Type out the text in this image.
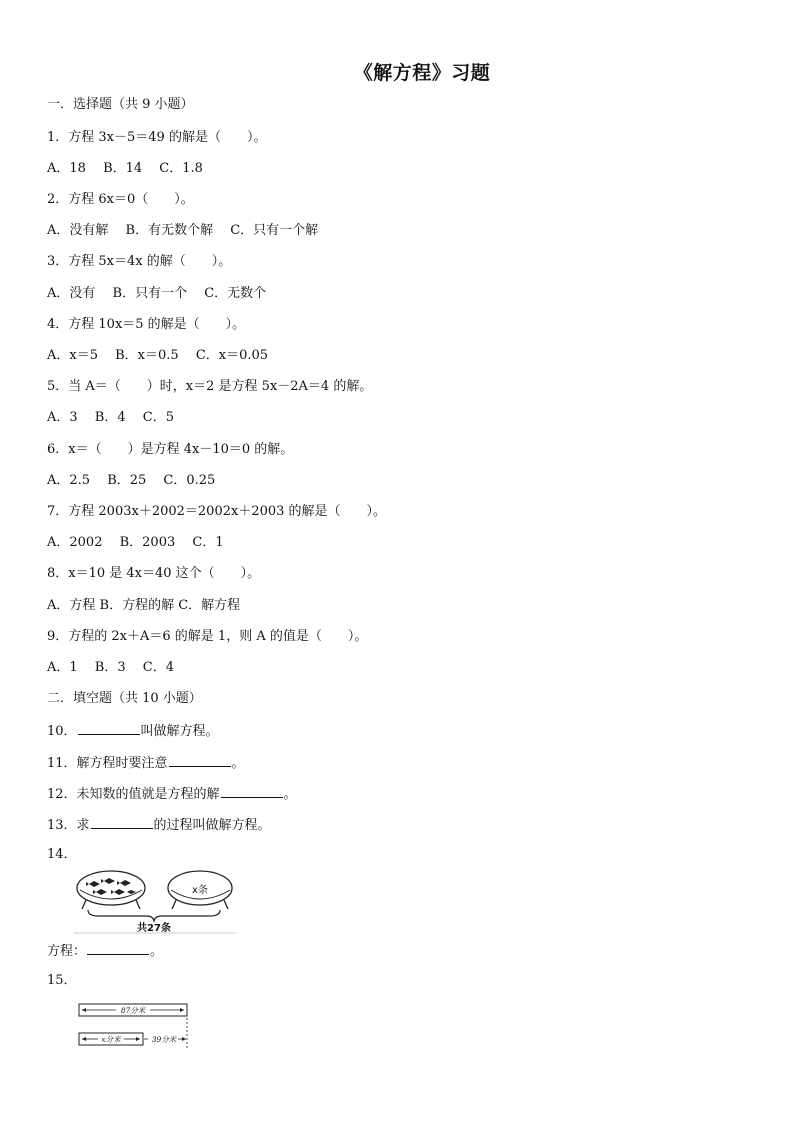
《解方程》习题
一．选择题（共 9 小题）
1．方程 3x－5＝49 的解是（　　）。
A．18　 B．14　 C．1.8
2．方程 6x＝0（　　）。
A．没有解　 B．有无数个解　 C．只有一个解
3．方程 5x＝4x 的解（　　）。
A．没有　 B．只有一个　 C．无数个
4．方程 10x＝5 的解是（　　）。
A．x＝5　 B．x＝0.5　 C．x＝0.05
5．当 A＝（　　）时，x＝2 是方程 5x－2A＝4 的解。
A．3　 B．4　 C．5
6．x＝（　　）是方程 4x－10＝0 的解。
A．2.5　 B．25　 C．0.25
7．方程 2003x＋2002＝2002x＋2003 的解是（　　）。
A．2002　 B．2003　 C．1
8．x＝10 是 4x＝40 这个（　　）。
A．方程 B．方程的解 C．解方程
9．方程的 2x＋A＝6 的解是 1，则 A 的值是（　　）。
A．1　 B．3　 C．4
二．填空题（共 10 小题）
10．	叫做解方程。
11．解方程时要注意	。
12．未知数的值就是方程的解	。
13．求	的过程叫做解方程。
14．
x条
共27条
方程：	。
15．
87分米
x分米	39分米
